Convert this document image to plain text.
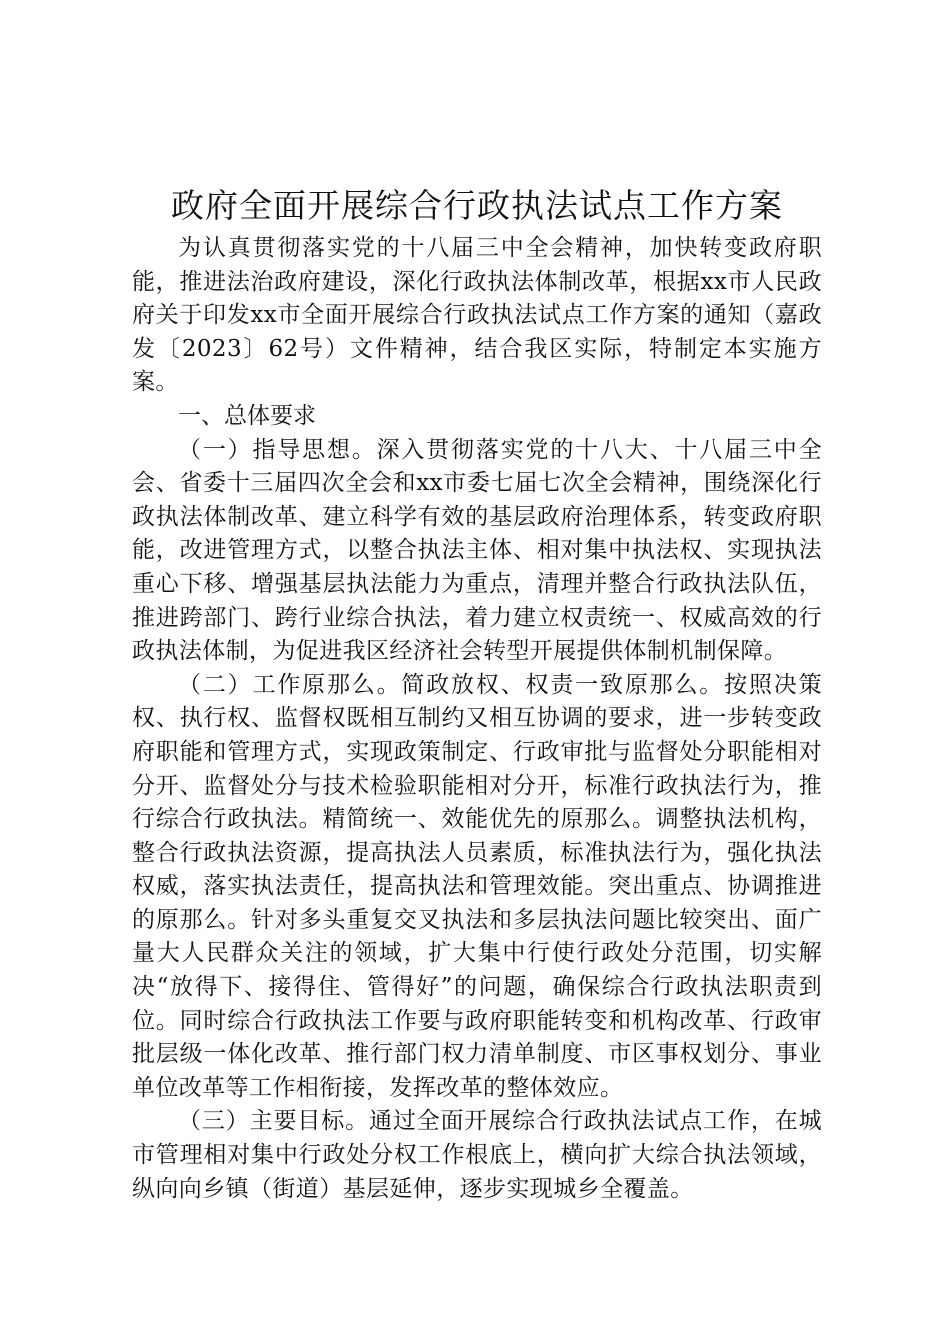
政府全面开展综合行政执法试点工作方案

为认真贯彻落实党的十八届三中全会精神，加快转变政府职能，推进法治政府建设，深化行政执法体制改革，根据xx市人民政府关于印发xx市全面开展综合行政执法试点工作方案的通知（嘉政发〔2023〕62号）文件精神，结合我区实际，特制定本实施方案。

一、总体要求

（一）指导思想。深入贯彻落实党的十八大、十八届三中全会、省委十三届四次全会和xx市委七届七次全会精神，围绕深化行政执法体制改革、建立科学有效的基层政府治理体系，转变政府职能，改进管理方式，以整合执法主体、相对集中执法权、实现执法重心下移、增强基层执法能力为重点，清理并整合行政执法队伍，推进跨部门、跨行业综合执法，着力建立权责统一、权威高效的行政执法体制，为促进我区经济社会转型开展提供体制机制保障。

（二）工作原那么。简政放权、权责一致原那么。按照决策权、执行权、监督权既相互制约又相互协调的要求，进一步转变政府职能和管理方式，实现政策制定、行政审批与监督处分职能相对分开、监督处分与技术检验职能相对分开，标准行政执法行为，推行综合行政执法。精简统一、效能优先的原那么。调整执法机构，整合行政执法资源，提高执法人员素质，标准执法行为，强化执法权威，落实执法责任，提高执法和管理效能。突出重点、协调推进的原那么。针对多头重复交叉执法和多层执法问题比较突出、面广量大人民群众关注的领域，扩大集中行使行政处分范围，切实解决“放得下、接得住、管得好”的问题，确保综合行政执法职责到位。同时综合行政执法工作要与政府职能转变和机构改革、行政审批层级一体化改革、推行部门权力清单制度、市区事权划分、事业单位改革等工作相衔接，发挥改革的整体效应。

（三）主要目标。通过全面开展综合行政执法试点工作，在城市管理相对集中行政处分权工作根底上，横向扩大综合执法领域，纵向向乡镇（街道）基层延伸，逐步实现城乡全覆盖。
